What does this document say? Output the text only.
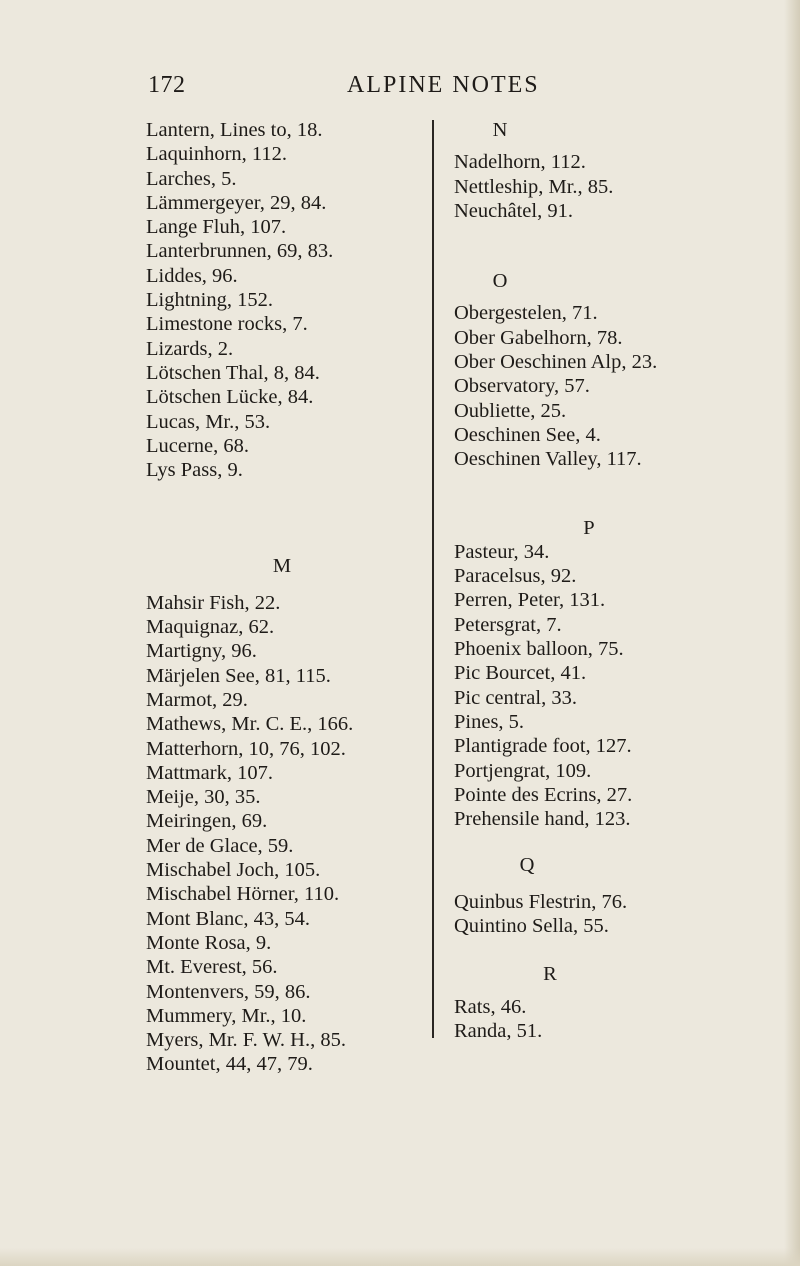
172	ALPINE NOTES
Lantern, Lines to, 18.
Laquinhorn, 112.
Larches, 5.
Lämmergeyer, 29, 84.
Lange Fluh, 107.
Lanterbrunnen, 69, 83.
Liddes, 96.
Lightning, 152.
Limestone rocks, 7.
Lizards, 2.
Lötschen Thal, 8, 84.
Lötschen Lücke, 84.
Lucas, Mr., 53.
Lucerne, 68.
Lys Pass, 9.
M
Mahsir Fish, 22.
Maquignaz, 62.
Martigny, 96.
Märjelen See, 81, 115.
Marmot, 29.
Mathews, Mr. C. E., 166.
Matterhorn, 10, 76, 102.
Mattmark, 107.
Meije, 30, 35.
Meiringen, 69.
Mer de Glace, 59.
Mischabel Joch, 105.
Mischabel Hörner, 110.
Mont Blanc, 43, 54.
Monte Rosa, 9.
Mt. Everest, 56.
Montenvers, 59, 86.
Mummery, Mr., 10.
Myers, Mr. F. W. H., 85.
Mountet, 44, 47, 79.
N
Nadelhorn, 112.
Nettleship, Mr., 85.
Neuchâtel, 91.
O
Obergestelen, 71.
Ober Gabelhorn, 78.
Ober Oeschinen Alp, 23.
Observatory, 57.
Oubliette, 25.
Oeschinen See, 4.
Oeschinen Valley, 117.
P
Pasteur, 34.
Paracelsus, 92.
Perren, Peter, 131.
Petersgrat, 7.
Phoenix balloon, 75.
Pic Bourcet, 41.
Pic central, 33.
Pines, 5.
Plantigrade foot, 127.
Portjengrat, 109.
Pointe des Ecrins, 27.
Prehensile hand, 123.
Q
Quinbus Flestrin, 76.
Quintino Sella, 55.
R
Rats, 46.
Randa, 51.
